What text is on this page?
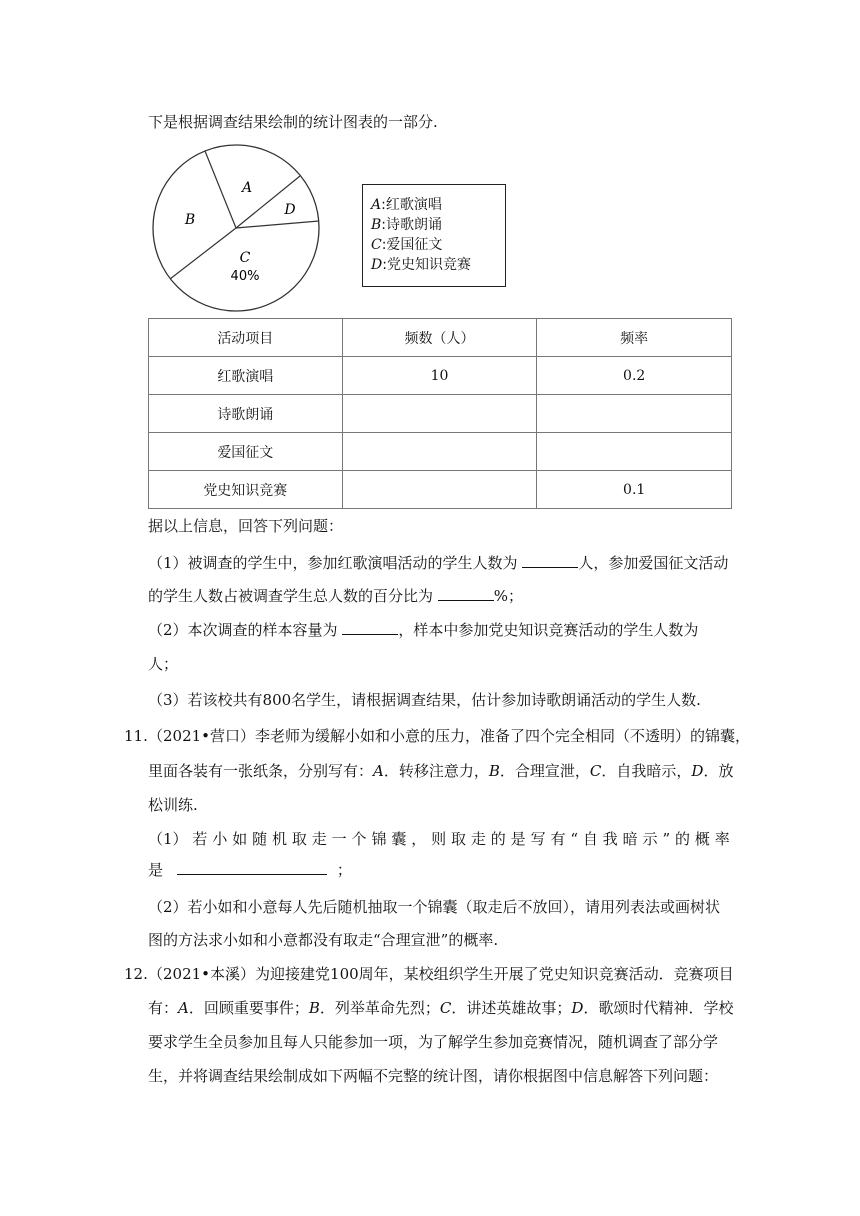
下是根据调查结果绘制的统计图表的一部分.
A
B
C
40%
D	A:红歌演唱
B:诗歌朗诵
C:爱国征文
D:党史知识竞赛
活动项目	频数（人）	频率
红歌演唱	10	0.2
诗歌朗诵		
爱国征文		
党史知识竞赛		0.1
据以上信息，回答下列问题：
（1）被调查的学生中，参加红歌演唱活动的学生人数为	人，参加爱国征文活动
的学生人数占被调查学生总人数的百分比为	%；
（2）本次调查的样本容量为	，样本中参加党史知识竞赛活动的学生人数为
人；
（3）若该校共有800名学生，请根据调查结果，估计参加诗歌朗诵活动的学生人数.
11. （2021•营口）李老师为缓解小如和小意的压力，准备了四个完全相同（不透明）的锦囊，
里面各装有一张纸条，分别写有：A．转移注意力，B．合理宣泄，C．自我暗示，D．放
松训练.
（1） 若 小 如 随 机 取 走 一 个 锦 囊 ， 则 取 走 的 是 写 有 “ 自 我 暗 示 ” 的 概 率
是	；
（2）若小如和小意每人先后随机抽取一个锦囊（取走后不放回），请用列表法或画树状
图的方法求小如和小意都没有取走“合理宣泄”的概率.
12. （2021•本溪）为迎接建党100周年，某校组织学生开展了党史知识竞赛活动．竞赛项目
有：A．回顾重要事件；B．列举革命先烈；C．讲述英雄故事；D．歌颂时代精神．学校
要求学生全员参加且每人只能参加一项，为了解学生参加竞赛情况，随机调查了部分学
生，并将调查结果绘制成如下两幅不完整的统计图，请你根据图中信息解答下列问题：
